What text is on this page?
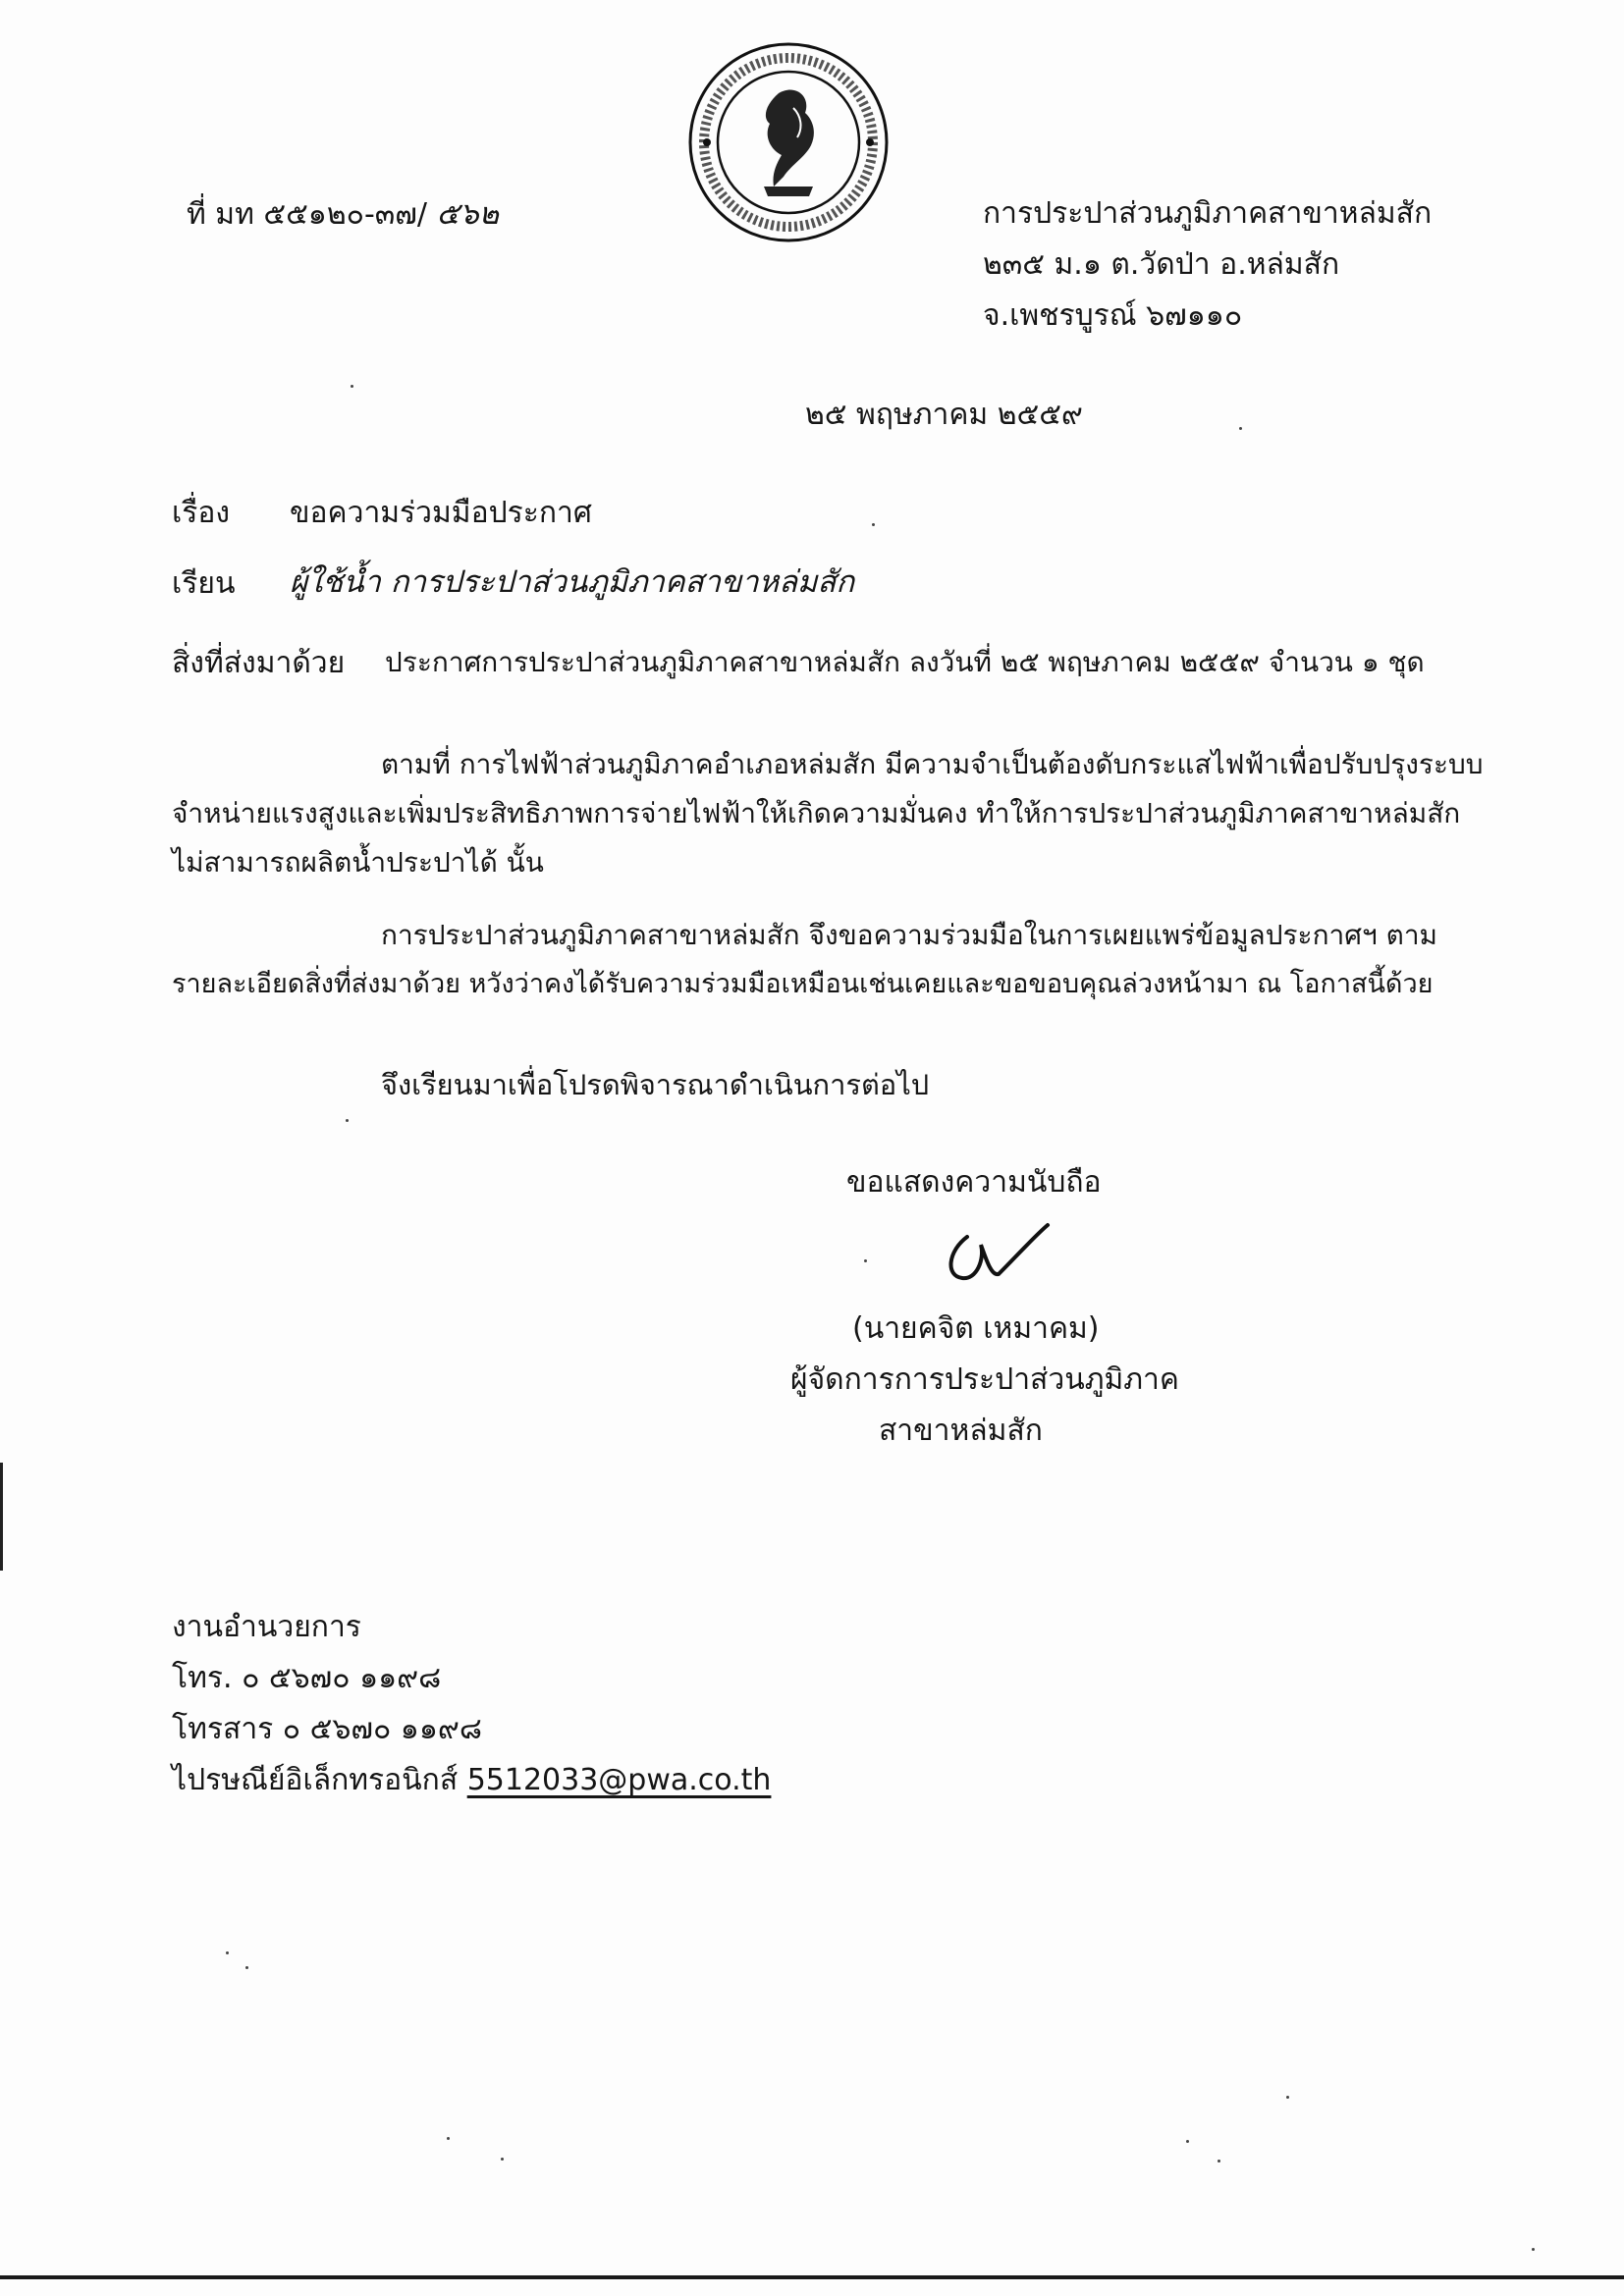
ที่ มท ๕๕๑๒๐-๓๗/ ๕๖๒	การประปาส่วนภูมิภาคสาขาหล่มสัก
๒๓๕ ม.๑ ต.วัดป่า อ.หล่มสัก
จ.เพชรบูรณ์ ๖๗๑๑๐
๒๕ พฤษภาคม ๒๕๕๙
เรื่อง ขอความร่วมมือประกาศ
เรียน ผู้ใช้น้ำ การประปาส่วนภูมิภาคสาขาหล่มสัก
สิ่งที่ส่งมาด้วย ประกาศการประปาส่วนภูมิภาคสาขาหล่มสัก ลงวันที่ ๒๕ พฤษภาคม ๒๕๕๙ จำนวน ๑ ชุด
ตามที่ การไฟฟ้าส่วนภูมิภาคอำเภอหล่มสัก มีความจำเป็นต้องดับกระแสไฟฟ้าเพื่อปรับปรุงระบบ
จำหน่ายแรงสูงและเพิ่มประสิทธิภาพการจ่ายไฟฟ้าให้เกิดความมั่นคง ทำให้การประปาส่วนภูมิภาคสาขาหล่มสัก
ไม่สามารถผลิตน้ำประปาได้ นั้น
การประปาส่วนภูมิภาคสาขาหล่มสัก จึงขอความร่วมมือในการเผยแพร่ข้อมูลประกาศฯ ตาม
รายละเอียดสิ่งที่ส่งมาด้วย หวังว่าคงได้รับความร่วมมือเหมือนเช่นเคยและขอขอบคุณล่วงหน้ามา ณ โอกาสนี้ด้วย
จึงเรียนมาเพื่อโปรดพิจารณาดำเนินการต่อไป
ขอแสดงความนับถือ
(นายคจิต เหมาคม)
ผู้จัดการการประปาส่วนภูมิภาค
สาขาหล่มสัก
งานอำนวยการ
โทร. ๐ ๕๖๗๐ ๑๑๙๘
โทรสาร ๐ ๕๖๗๐ ๑๑๙๘
ไปรษณีย์อิเล็กทรอนิกส์ 5512033@pwa.co.th
